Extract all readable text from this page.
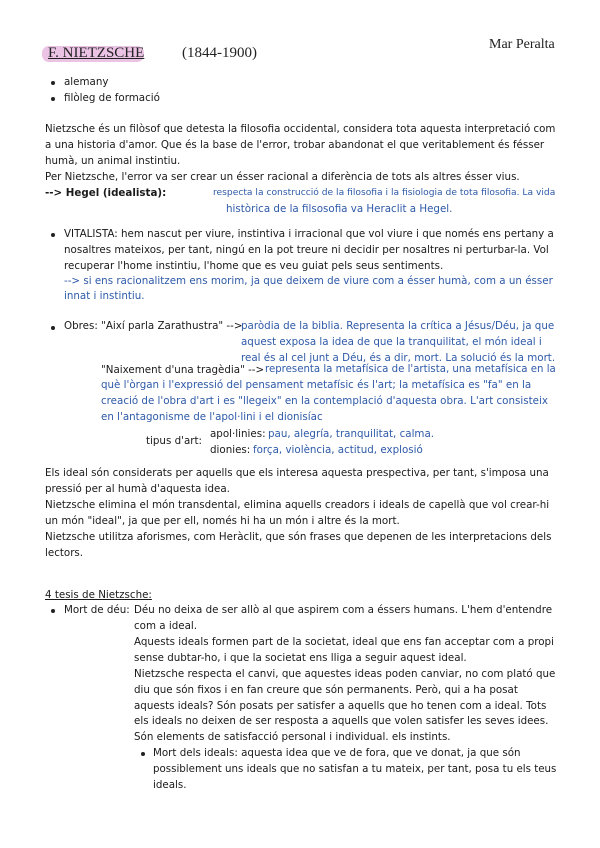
F. NIETZSCHE	(1844-1900)
Mar Peralta
alemany
filòleg de formació
Nietzsche és un filòsof que detesta la filosofia occidental, considera tota aquesta interpretació com
a una historia d'amor. Que és la base de l'error, trobar abandonat el que veritablement és fésser
humà, un animal instintiu.
Per Nietzsche, l'error va ser crear un ésser racional a diferència de tots als altres ésser vius.
--> Hegel (idealista):	respecta la construcció de la filosofia i la fisiologia de tota filosofia. La vida
històrica de la filsosofia va Heraclit a Hegel.
VITALISTA: hem nascut per viure, instintiva i irracional que vol viure i que només ens pertany a
nosaltres mateixos, per tant, ningú en la pot treure ni decidir per nosaltres ni perturbar-la. Vol
recuperar l'home instintiu, l'home que es veu guiat pels seus sentiments.
--> si ens racionalitzem ens morim, ja que deixem de viure com a ésser humà, com a un ésser
innat i instintiu.
Obres: "Així parla Zarathustra" -->
paròdia de la biblia. Representa la crítica a Jésus/Déu, ja que
aquest exposa la idea de que la tranquilitat, el món ideal i
real és al cel junt a Déu, és a dir, mort. La solució és la mort.
"Naixement d'una tragèdia" --> representa la metafísica de l'artista, una metafísica en la
què l'òrgan i l'expressió del pensament metafísic és l'art; la metafísica es "fa" en la
creació de l'obra d'art i es "llegeix" en la contemplació d'aquesta obra. L'art consisteix
en l'antagonisme de l'apol·lini i el dionisíac
tipus d'art:
apol·linies: pau, alegría, tranquilitat, calma.
dionies: força, violència, actitud, explosió
Els ideal són considerats per aquells que els interesa aquesta prespectiva, per tant, s'imposa una
pressió per al humà d'aquesta idea.
Nietzsche elimina el món transdental, elimina aquells creadors i ideals de capellà que vol crear-hi
un món "ideal", ja que per ell, només hi ha un món i altre és la mort.
Nietzsche utilitza aforismes, com Heràclit, que són frases que depenen de les interpretacions dels
lectors.
4 tesis de Nietzsche:
Mort de déu: Déu no deixa de ser allò al que aspirem com a éssers humans. L'hem d'entendre
com a ideal.
Aquests ideals formen part de la societat, ideal que ens fan acceptar com a propi
sense dubtar-ho, i que la societat ens lliga a seguir aquest ideal.
Nietzsche respecta el canvi, que aquestes ideas poden canviar, no com plató que
diu que són fixos i en fan creure que són permanents. Però, qui a ha posat
aquests ideals? Són posats per satisfer a aquells que ho tenen com a ideal. Tots
els ideals no deixen de ser resposta a aquells que volen satisfer les seves idees.
Són elements de satisfacció personal i individual. els instints.
Mort dels ideals: aquesta idea que ve de fora, que ve donat, ja que són
possiblement uns ideals que no satisfan a tu mateix, per tant, posa tu els teus
ideals.
